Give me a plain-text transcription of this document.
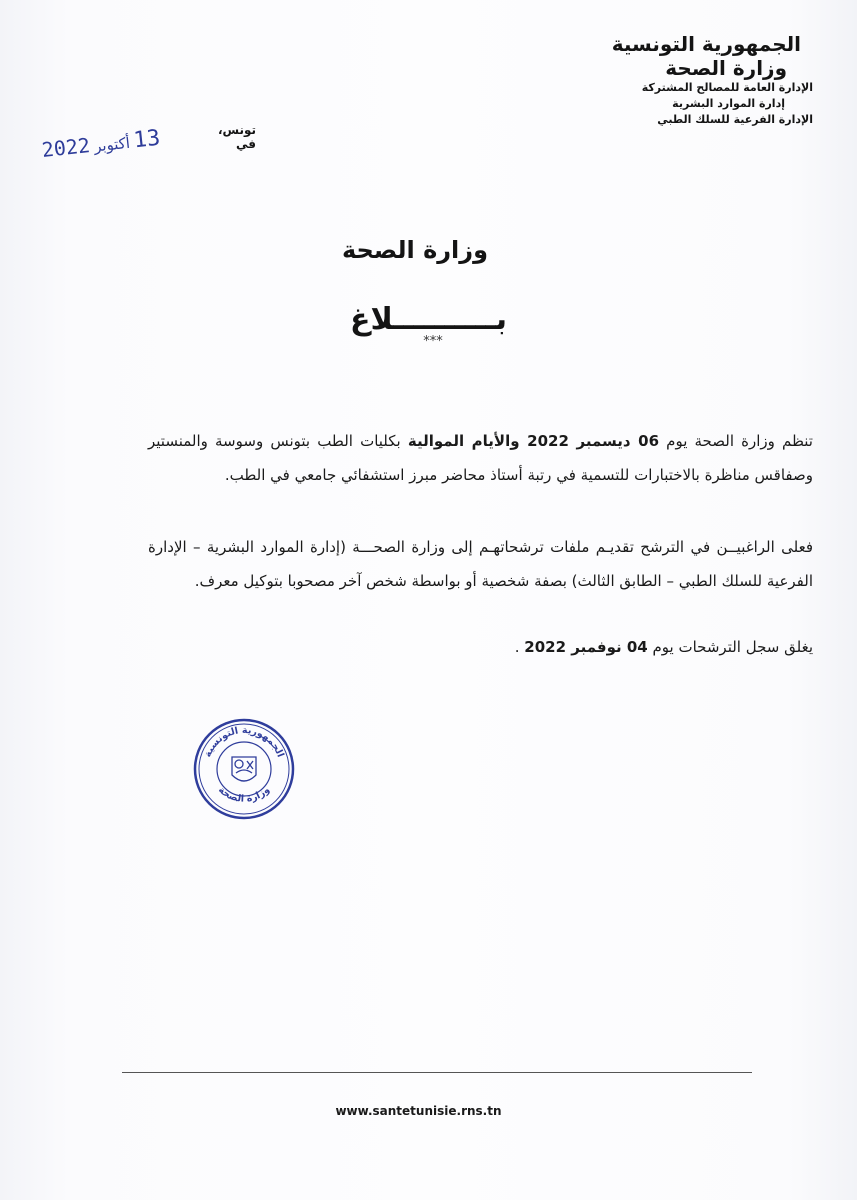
الجمهورية التونسية
وزارة الصحة
الإدارة العامة للمصالح المشتركة
إدارة الموارد البشرية
الإدارة الفرعية للسلك الطبي
تونس، في
13أكتوبر2022
وزارة الصحة
بــــــــــلاغ
***
تنظم وزارة الصحة يوم 06 ديسمبر 2022 والأيام الموالية بكليات الطب بتونس وسوسة والمنستير وصفاقس مناظرة بالاختبارات للتسمية في رتبة أستاذ محاضر مبرز استشفائي جامعي في الطب.
فعلى الراغبيــن في الترشح تقديـم ملفات ترشحاتهـم إلى وزارة الصحـــة (إدارة الموارد البشرية – الإدارة الفرعية للسلك الطبي – الطابق الثالث) بصفة شخصية أو بواسطة شخص آخر مصحوبا بتوكيل معرف.
يغلق سجل الترشحات يوم 04 نوفمبر 2022 .
الجمهورية التونسية
وزارة الصحة
www.santetunisie.rns.tn
